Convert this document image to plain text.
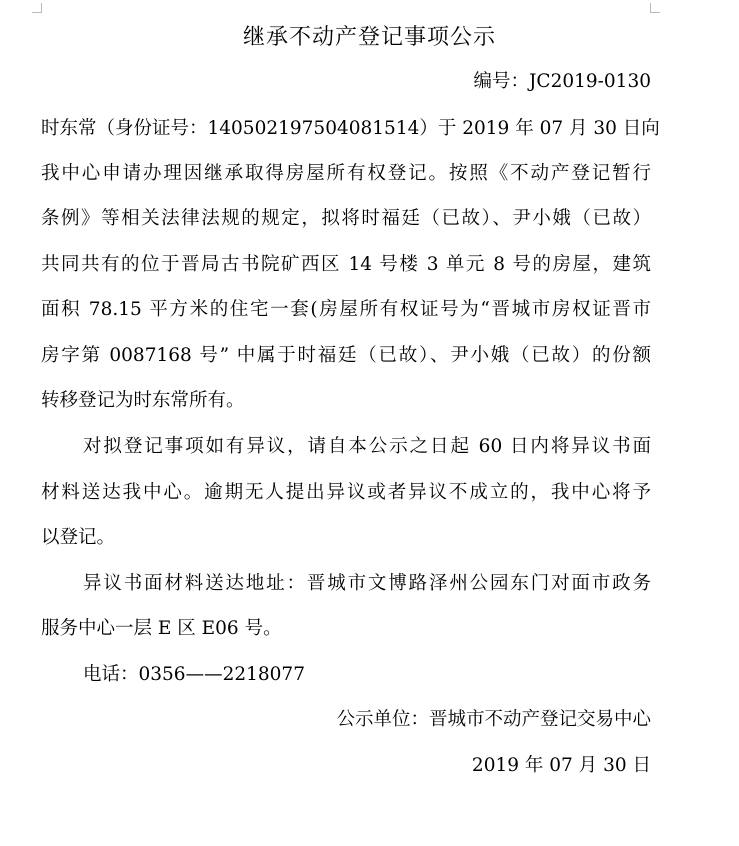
继承不动产登记事项公示
编号：JC2019-0130
时东常（身份证号：140502197504081514）于 2019 年 07 月 30 日向
我中心申请办理因继承取得房屋所有权登记。按照《不动产登记暂行
条例》等相关法律法规的规定，拟将时福廷（已故）、尹小娥（已故）
共同共有的位于晋局古书院矿西区 14 号楼 3 单元 8 号的房屋，建筑
面积 78.15 平方米的住宅一套(房屋所有权证号为“晋城市房权证晋市
房字第 0087168 号” 中属于时福廷（已故）、尹小娥（已故）的份额
转移登记为时东常所有。
对拟登记事项如有异议，请自本公示之日起 60 日内将异议书面
材料送达我中心。逾期无人提出异议或者异议不成立的，我中心将予
以登记。
异议书面材料送达地址：晋城市文博路泽州公园东门对面市政务
服务中心一层 E 区 E06 号。
电话：0356——2218077
公示单位：晋城市不动产登记交易中心
2019 年 07 月 30 日
